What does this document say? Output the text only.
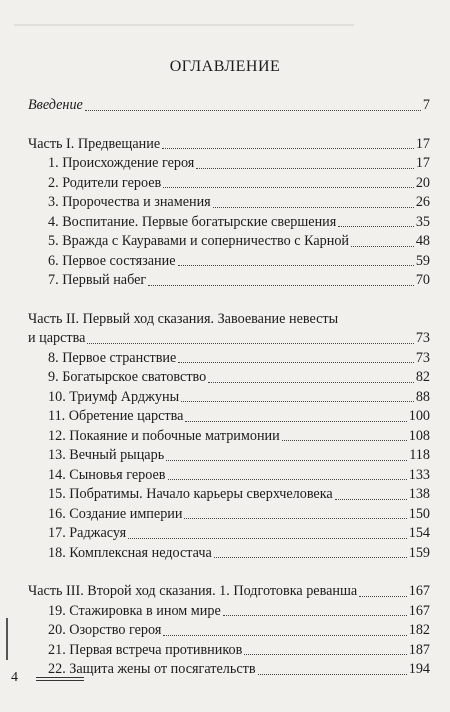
ОГЛАВЛЕНИЕ
Введение	7
Часть I. Предвещание	17
1. Происхождение героя	17
2. Родители героев	20
3. Пророчества и знамения	26
4. Воспитание. Первые богатырские свершения	35
5. Вражда с Кауравами и соперничество с Карной	48
6. Первое состязание	59
7. Первый набег	70
Часть II. Первый ход сказания. Завоевание невесты
и царства	73
8. Первое странствие	73
9. Богатырское сватовство	82
10. Триумф Арджуны	88
11. Обретение царства	100
12. Покаяние и побочные матримонии	108
13. Вечный рыцарь	118
14. Сыновья героев	133
15. Побратимы. Начало карьеры сверхчеловека	138
16. Создание империи	150
17. Раджасуя	154
18. Комплексная недостача	159
Часть III. Второй ход сказания. 1. Подготовка реванша	167
19. Стажировка в ином мире	167
20. Озорство героя	182
21. Первая встреча противников	187
22. Защита жены от посягательств	194
4
